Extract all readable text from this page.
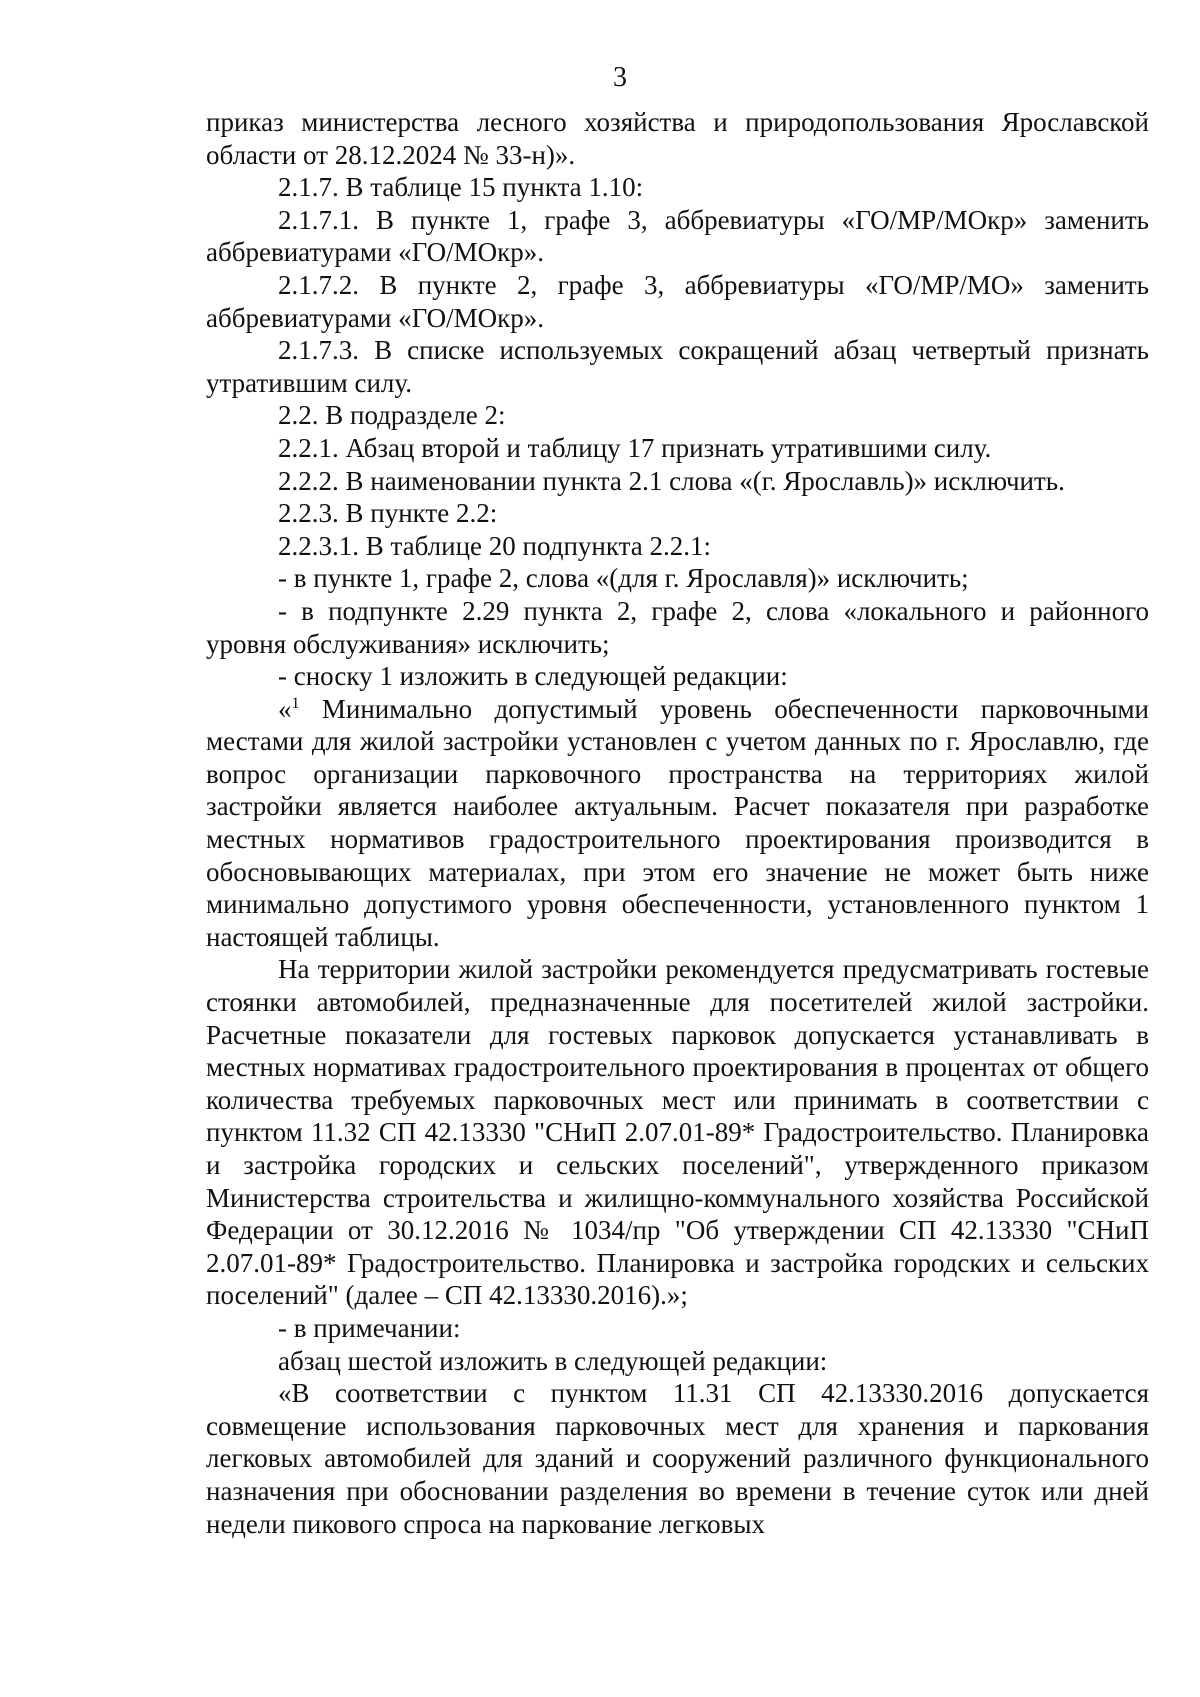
3

приказ министерства лесного хозяйства и природопользования Ярославской области от 28.12.2024 № 33-н)».

2.1.7. В таблице 15 пункта 1.10:

2.1.7.1. В пункте 1, графе 3, аббревиатуры «ГО/МР/МОкр» заменить аббревиатурами «ГО/МОкр».

2.1.7.2. В пункте 2, графе 3, аббревиатуры «ГО/МР/МО» заменить аббревиатурами «ГО/МОкр».

2.1.7.3. В списке используемых сокращений абзац четвертый признать утратившим силу.

2.2. В подразделе 2:

2.2.1. Абзац второй и таблицу 17 признать утратившими силу.

2.2.2. В наименовании пункта 2.1 слова «(г. Ярославль)» исключить.

2.2.3. В пункте 2.2:

2.2.3.1. В таблице 20 подпункта 2.2.1:

- в пункте 1, графе 2, слова «(для г. Ярославля)» исключить;

- в подпункте 2.29 пункта 2, графе 2, слова «локального и районного уровня обслуживания» исключить;

- сноску 1 изложить в следующей редакции:

«$^1$ Минимально допустимый уровень обеспеченности парковочными местами для жилой застройки установлен с учетом данных по г. Ярославлю, где вопрос организации парковочного пространства на территориях жилой застройки является наиболее актуальным. Расчет показателя при разработке местных нормативов градостроительного проектирования производится в обосновывающих материалах, при этом его значение не может быть ниже минимально допустимого уровня обеспеченности, установленного пунктом 1 настоящей таблицы.

На территории жилой застройки рекомендуется предусматривать гостевые стоянки автомобилей, предназначенные для посетителей жилой застройки. Расчетные показатели для гостевых парковок допускается устанавливать в местных нормативах градостроительного проектирования в процентах от общего количества требуемых парковочных мест или принимать в соответствии с пунктом 11.32 СП 42.13330 "СНиП 2.07.01-89* Градостроительство. Планировка и застройка городских и сельских поселений", утвержденного приказом Министерства строительства и жилищно-коммунального хозяйства Российской Федерации от 30.12.2016 № 1034/пр "Об утверждении СП 42.13330 "СНиП 2.07.01-89* Градостроительство. Планировка и застройка городских и сельских поселений" (далее – СП 42.13330.2016).»;

- в примечании:

абзац шестой изложить в следующей редакции:

«В соответствии с пунктом 11.31 СП 42.13330.2016 допускается совмещение использования парковочных мест для хранения и паркования легковых автомобилей для зданий и сооружений различного функционального назначения при обосновании разделения во времени в течение суток или дней недели пикового спроса на паркование легковых
